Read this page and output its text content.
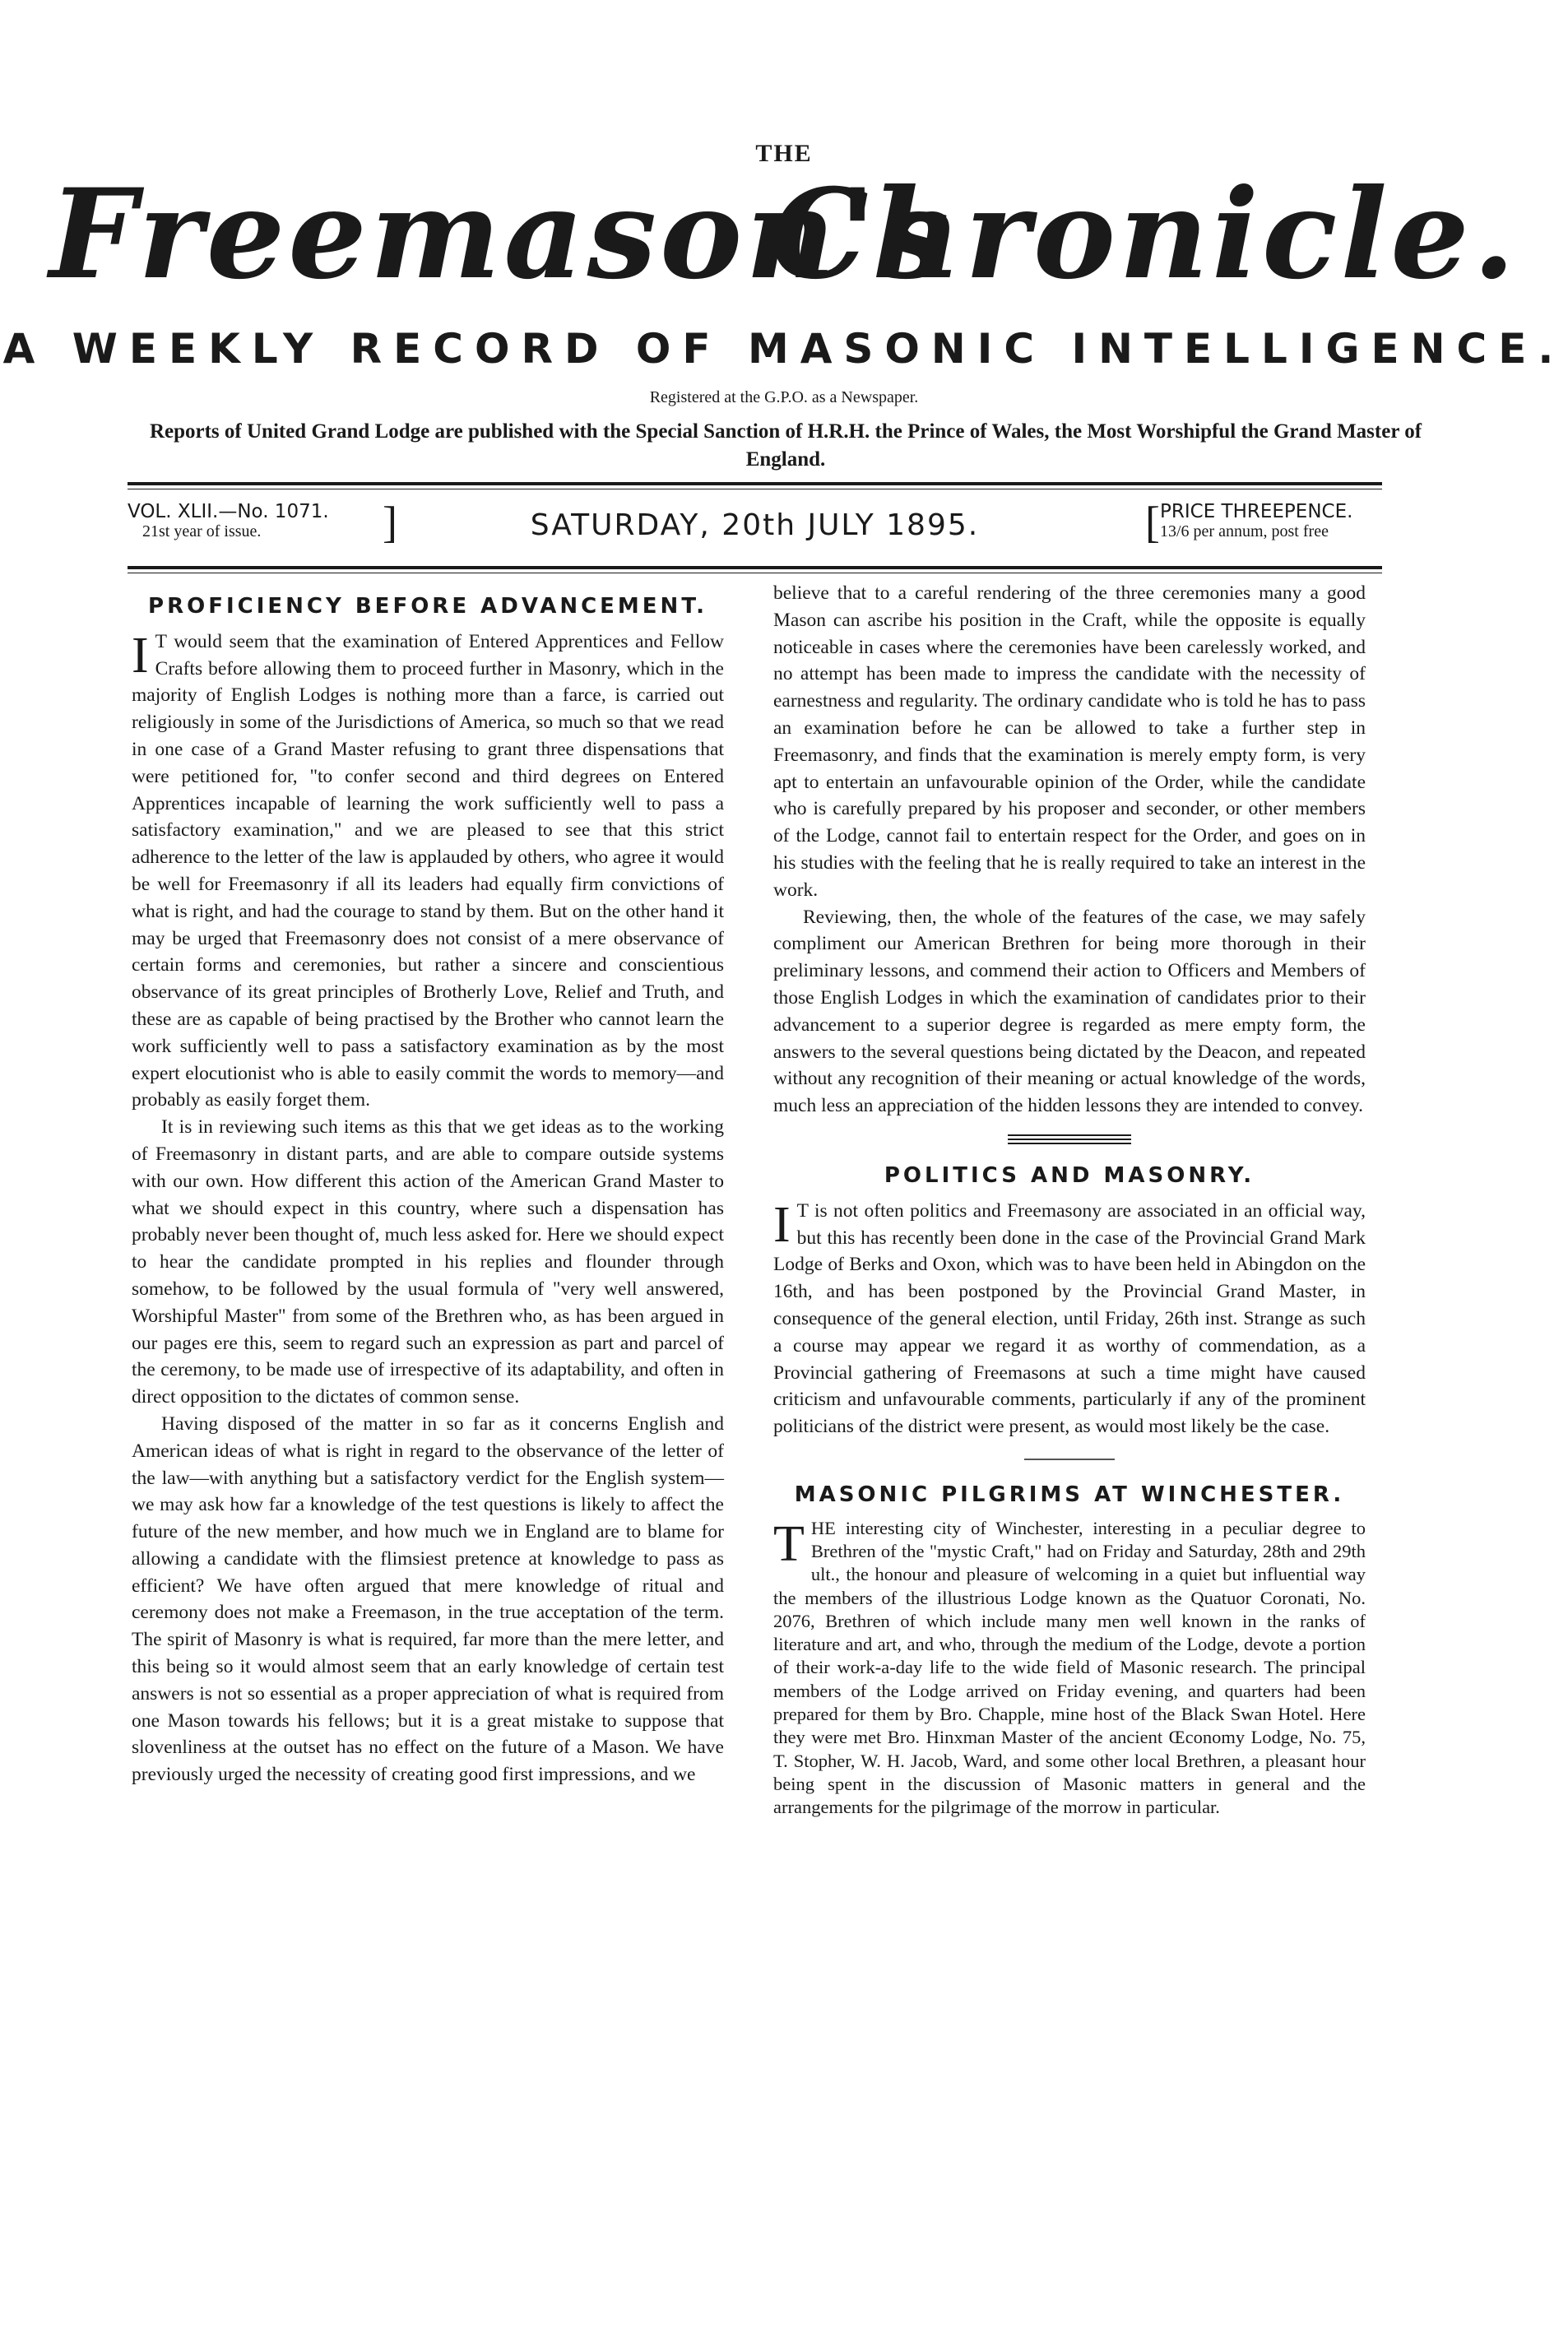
THE
Freemason's
Chronicle.
A WEEKLY RECORD OF MASONIC INTELLIGENCE.
Registered at the G.P.O. as a Newspaper.
Reports of United Grand Lodge are published with the Special Sanction of H.R.H. the Prince of Wales, the Most Worshipful the Grand Master of England.
VOL. XLII.—No. 1071.
21st year of issue.	]	SATURDAY, 20th JULY 1895.	[ PRICE THREEPENCE.
13/6 per annum, post free
PROFICIENCY BEFORE ADVANCEMENT.

I T would seem that the examination of Entered Apprentices and Fellow Crafts before allowing them to proceed further in Masonry, which in the majority of English Lodges is nothing more than a farce, is carried out religiously in some of the Jurisdictions of America, so much so that we read in one case of a Grand Master refusing to grant three dispensations that were petitioned for, "to confer second and third degrees on Entered Apprentices incapable of learning the work sufficiently well to pass a satisfactory examination," and we are pleased to see that this strict adherence to the letter of the law is applauded by others, who agree it would be well for Freemasonry if all its leaders had equally firm convictions of what is right, and had the courage to stand by them. But on the other hand it may be urged that Freemasonry does not consist of a mere observance of certain forms and ceremonies, but rather a sincere and conscientious observance of its great principles of Brotherly Love, Relief and Truth, and these are as capable of being practised by the Brother who cannot learn the work sufficiently well to pass a satisfactory examination as by the most expert elocutionist who is able to easily commit the words to memory—and probably as easily forget them.

It is in reviewing such items as this that we get ideas as to the working of Freemasonry in distant parts, and are able to compare outside systems with our own. How different this action of the American Grand Master to what we should expect in this country, where such a dispensation has probably never been thought of, much less asked for. Here we should expect to hear the candidate prompted in his replies and flounder through somehow, to be followed by the usual formula of "very well answered, Worshipful Master" from some of the Brethren who, as has been argued in our pages ere this, seem to regard such an expression as part and parcel of the ceremony, to be made use of irrespective of its adaptability, and often in direct opposition to the dictates of common sense.

Having disposed of the matter in so far as it concerns English and American ideas of what is right in regard to the observance of the letter of the law—with anything but a satisfactory verdict for the English system—we may ask how far a knowledge of the test questions is likely to affect the future of the new member, and how much we in England are to blame for allowing a candidate with the flimsiest pretence at knowledge to pass as efficient? We have often argued that mere knowledge of ritual and ceremony does not make a Freemason, in the true acceptation of the term. The spirit of Masonry is what is required, far more than the mere letter, and this being so it would almost seem that an early knowledge of certain test answers is not so essential as a proper appreciation of what is required from one Mason towards his fellows; but it is a great mistake to suppose that slovenliness at the outset has no effect on the future of a Mason. We have previously urged the necessity of creating good first impressions, and we

believe that to a careful rendering of the three ceremonies many a good Mason can ascribe his position in the Craft, while the opposite is equally noticeable in cases where the ceremonies have been carelessly worked, and no attempt has been made to impress the candidate with the necessity of earnestness and regularity. The ordinary candidate who is told he has to pass an examination before he can be allowed to take a further step in Freemasonry, and finds that the examination is merely empty form, is very apt to entertain an unfavourable opinion of the Order, while the candidate who is carefully prepared by his proposer and seconder, or other members of the Lodge, cannot fail to entertain respect for the Order, and goes on in his studies with the feeling that he is really required to take an interest in the work.

Reviewing, then, the whole of the features of the case, we may safely compliment our American Brethren for being more thorough in their preliminary lessons, and commend their action to Officers and Members of those English Lodges in which the examination of candidates prior to their advancement to a superior degree is regarded as mere empty form, the answers to the several questions being dictated by the Deacon, and repeated without any recognition of their meaning or actual knowledge of the words, much less an appreciation of the hidden lessons they are intended to convey.

POLITICS AND MASONRY.

I T is not often politics and Freemasony are associated in an official way, but this has recently been done in the case of the Provincial Grand Mark Lodge of Berks and Oxon, which was to have been held in Abingdon on the 16th, and has been postponed by the Provincial Grand Master, in consequence of the general election, until Friday, 26th inst. Strange as such a course may appear we regard it as worthy of commendation, as a Provincial gathering of Freemasons at such a time might have caused criticism and unfavourable comments, particularly if any of the prominent politicians of the district were present, as would most likely be the case.

MASONIC PILGRIMS AT WINCHESTER.

THE interesting city of Winchester, interesting in a peculiar degree to Brethren of the "mystic Craft," had on Friday and Saturday, 28th and 29th ult., the honour and pleasure of welcoming in a quiet but influential way the members of the illustrious Lodge known as the Quatuor Coronati, No. 2076, Brethren of which include many men well known in the ranks of literature and art, and who, through the medium of the Lodge, devote a portion of their work-a-day life to the wide field of Masonic research. The principal members of the Lodge arrived on Friday evening, and quarters had been prepared for them by Bro. Chapple, mine host of the Black Swan Hotel. Here they were met Bro. Hinxman Master of the ancient Œconomy Lodge, No. 75, T. Stopher, W. H. Jacob, Ward, and some other local Brethren, a pleasant hour being spent in the discussion of Masonic matters in general and the arrangements for the pilgrimage of the morrow in particular.
